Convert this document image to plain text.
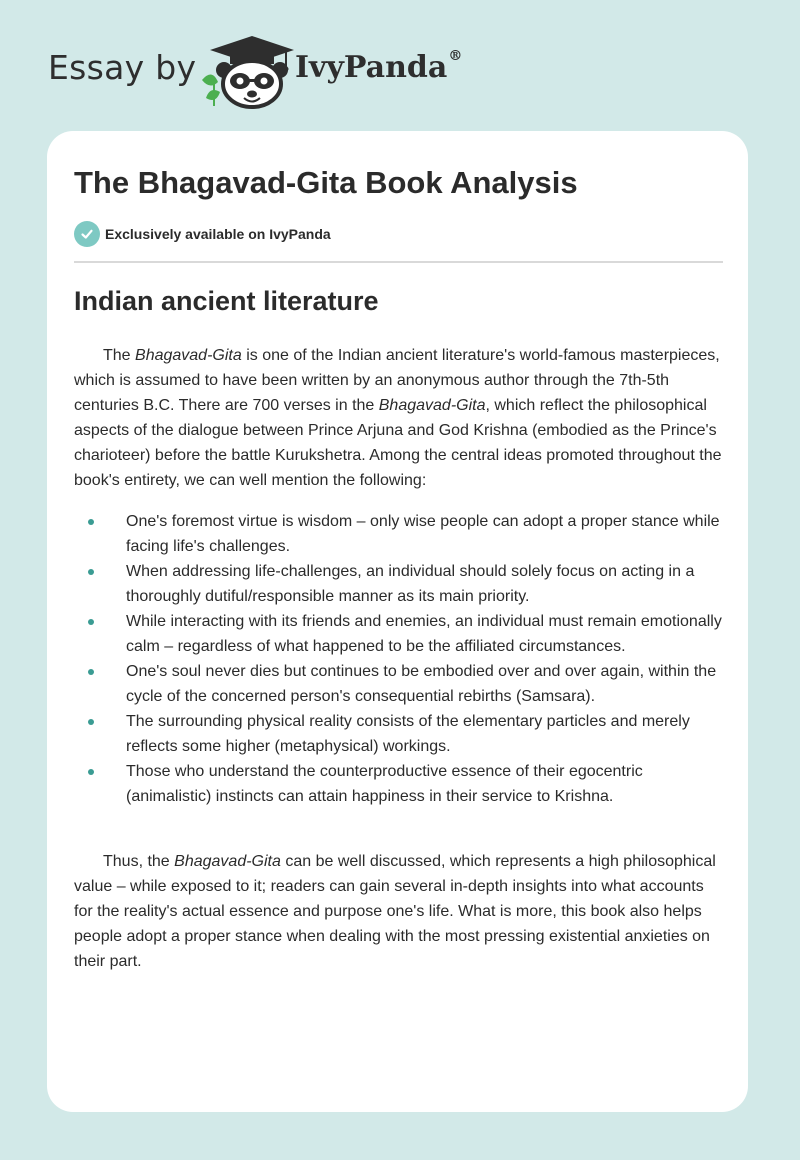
Essay by	IvyPanda®
The Bhagavad-Gita Book Analysis
Exclusively available on IvyPanda
Indian ancient literature

The Bhagavad-Gita is one of the Indian ancient literature's world-famous masterpieces, which is assumed to have been written by an anonymous author through the 7th-5th centuries B.C. There are 700 verses in the Bhagavad-Gita, which reflect the philosophical aspects of the dialogue between Prince Arjuna and God Krishna (embodied as the Prince's charioteer) before the battle Kurukshetra. Among the central ideas promoted throughout the book's entirety, we can well mention the following:

One's foremost virtue is wisdom – only wise people can adopt a proper stance while facing life's challenges.
When addressing life-challenges, an individual should solely focus on acting in a thoroughly dutiful/responsible manner as its main priority.
While interacting with its friends and enemies, an individual must remain emotionally calm – regardless of what happened to be the affiliated circumstances.
One's soul never dies but continues to be embodied over and over again, within the cycle of the concerned person's consequential rebirths (Samsara).
The surrounding physical reality consists of the elementary particles and merely reflects some higher (metaphysical) workings.
Those who understand the counterproductive essence of their egocentric (animalistic) instincts can attain happiness in their service to Krishna.

Thus, the Bhagavad-Gita can be well discussed, which represents a high philosophical value – while exposed to it; readers can gain several in-depth insights into what accounts for the reality's actual essence and purpose one's life. What is more, this book also helps people adopt a proper stance when dealing with the most pressing existential anxieties on their part.
